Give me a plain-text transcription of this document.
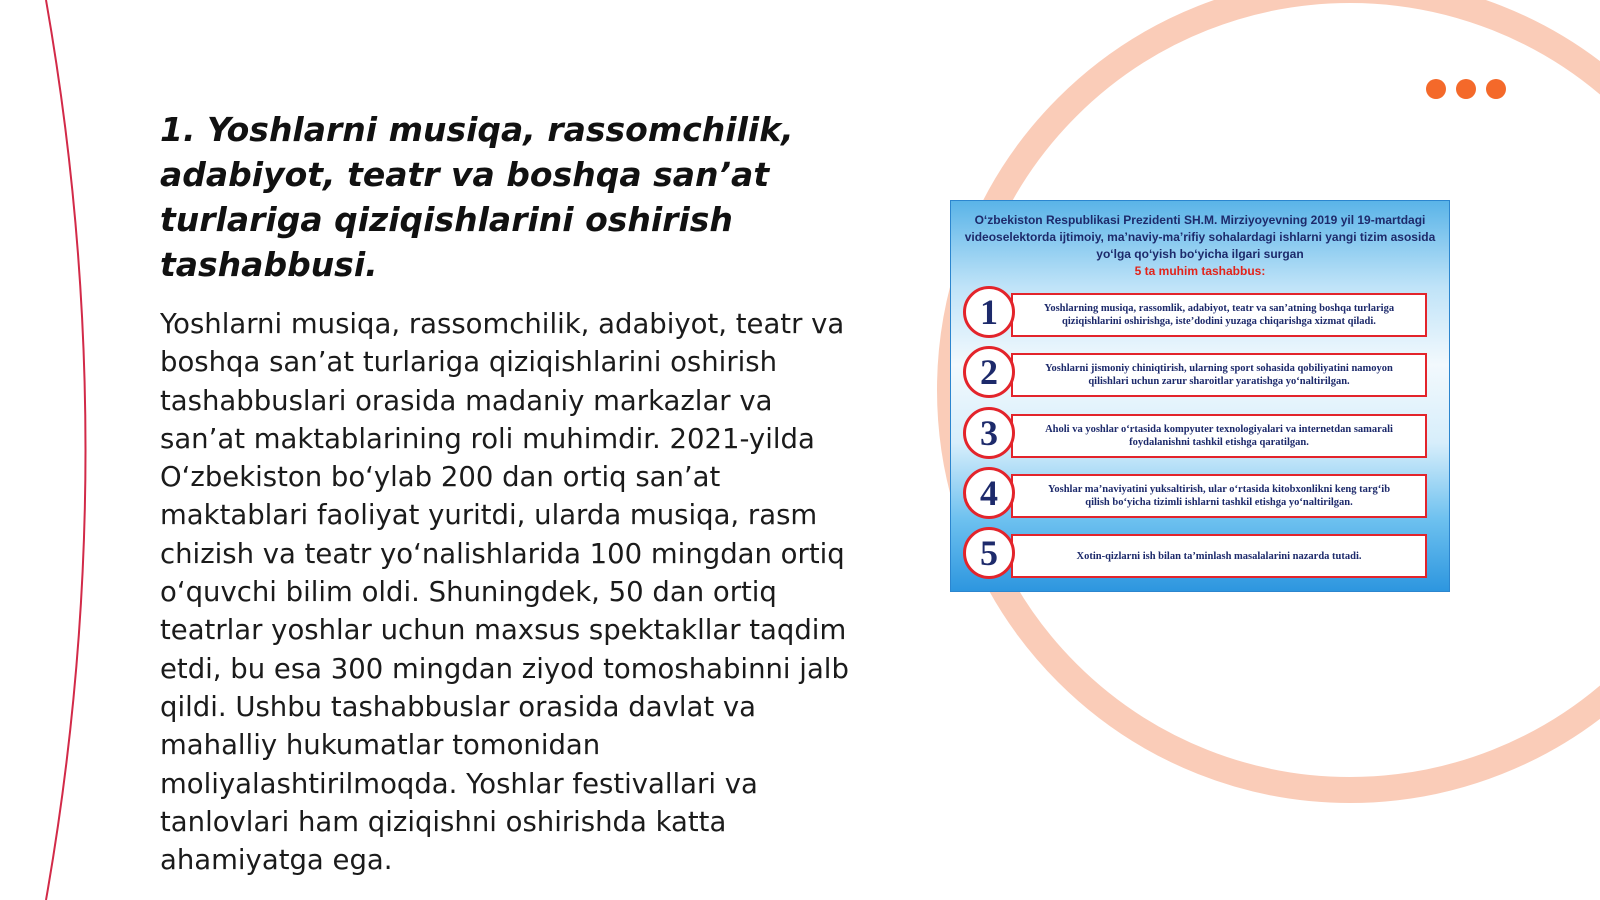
1. Yoshlarni musiqa, rassomchilik, adabiyot, teatr va boshqa san’at turlariga qiziqishlarini oshirish tashabbusi.

Yoshlarni musiqa, rassomchilik, adabiyot, teatr va boshqa san’at turlariga qiziqishlarini oshirish tashabbuslari orasida madaniy markazlar va san’at maktablarining roli muhimdir. 2021-yilda O‘zbekiston bo‘ylab 200 dan ortiq san’at maktablari faoliyat yuritdi, ularda musiqa, rasm chizish va teatr yo‘nalishlarida 100 mingdan ortiq o‘quvchi bilim oldi. Shuningdek, 50 dan ortiq teatrlar yoshlar uchun maxsus spektakllar taqdim etdi, bu esa 300 mingdan ziyod tomoshabinni jalb qildi. Ushbu tashabbuslar orasida davlat va mahalliy hukumatlar tomonidan moliyalashtirilmoqda. Yoshlar festivallari va tanlovlari ham qiziqishni oshirishda katta ahamiyatga ega.

O‘zbekiston Respublikasi Prezidenti SH.M. Mirziyoyevning 2019 yil 19-martdagi videoselektorda ijtimoiy, ma’naviy-ma’rifiy sohalardagi ishlarni yangi tizim asosida yo‘lga qo‘yish bo‘yicha ilgari surgan
5 ta muhim tashabbus:
Yoshlarning musiqa, rassomlik, adabiyot, teatr va san’atning boshqa turlariga qiziqishlarini oshirishga, iste’dodini yuzaga chiqarishga xizmat qiladi.
1
Yoshlarni jismoniy chiniqtirish, ularning sport sohasida qobiliyatini namoyon qilishlari uchun zarur sharoitlar yaratishga yo‘naltirilgan.
2
Aholi va yoshlar o‘rtasida kompyuter texnologiyalari va internetdan samarali foydalanishni tashkil etishga qaratilgan.
3
Yoshlar ma’naviyatini yuksaltirish, ular o‘rtasida kitobxonlikni keng targ‘ib qilish bo‘yicha tizimli ishlarni tashkil etishga yo‘naltirilgan.
4
Xotin-qizlarni ish bilan ta’minlash masalalarini nazarda tutadi.
5
